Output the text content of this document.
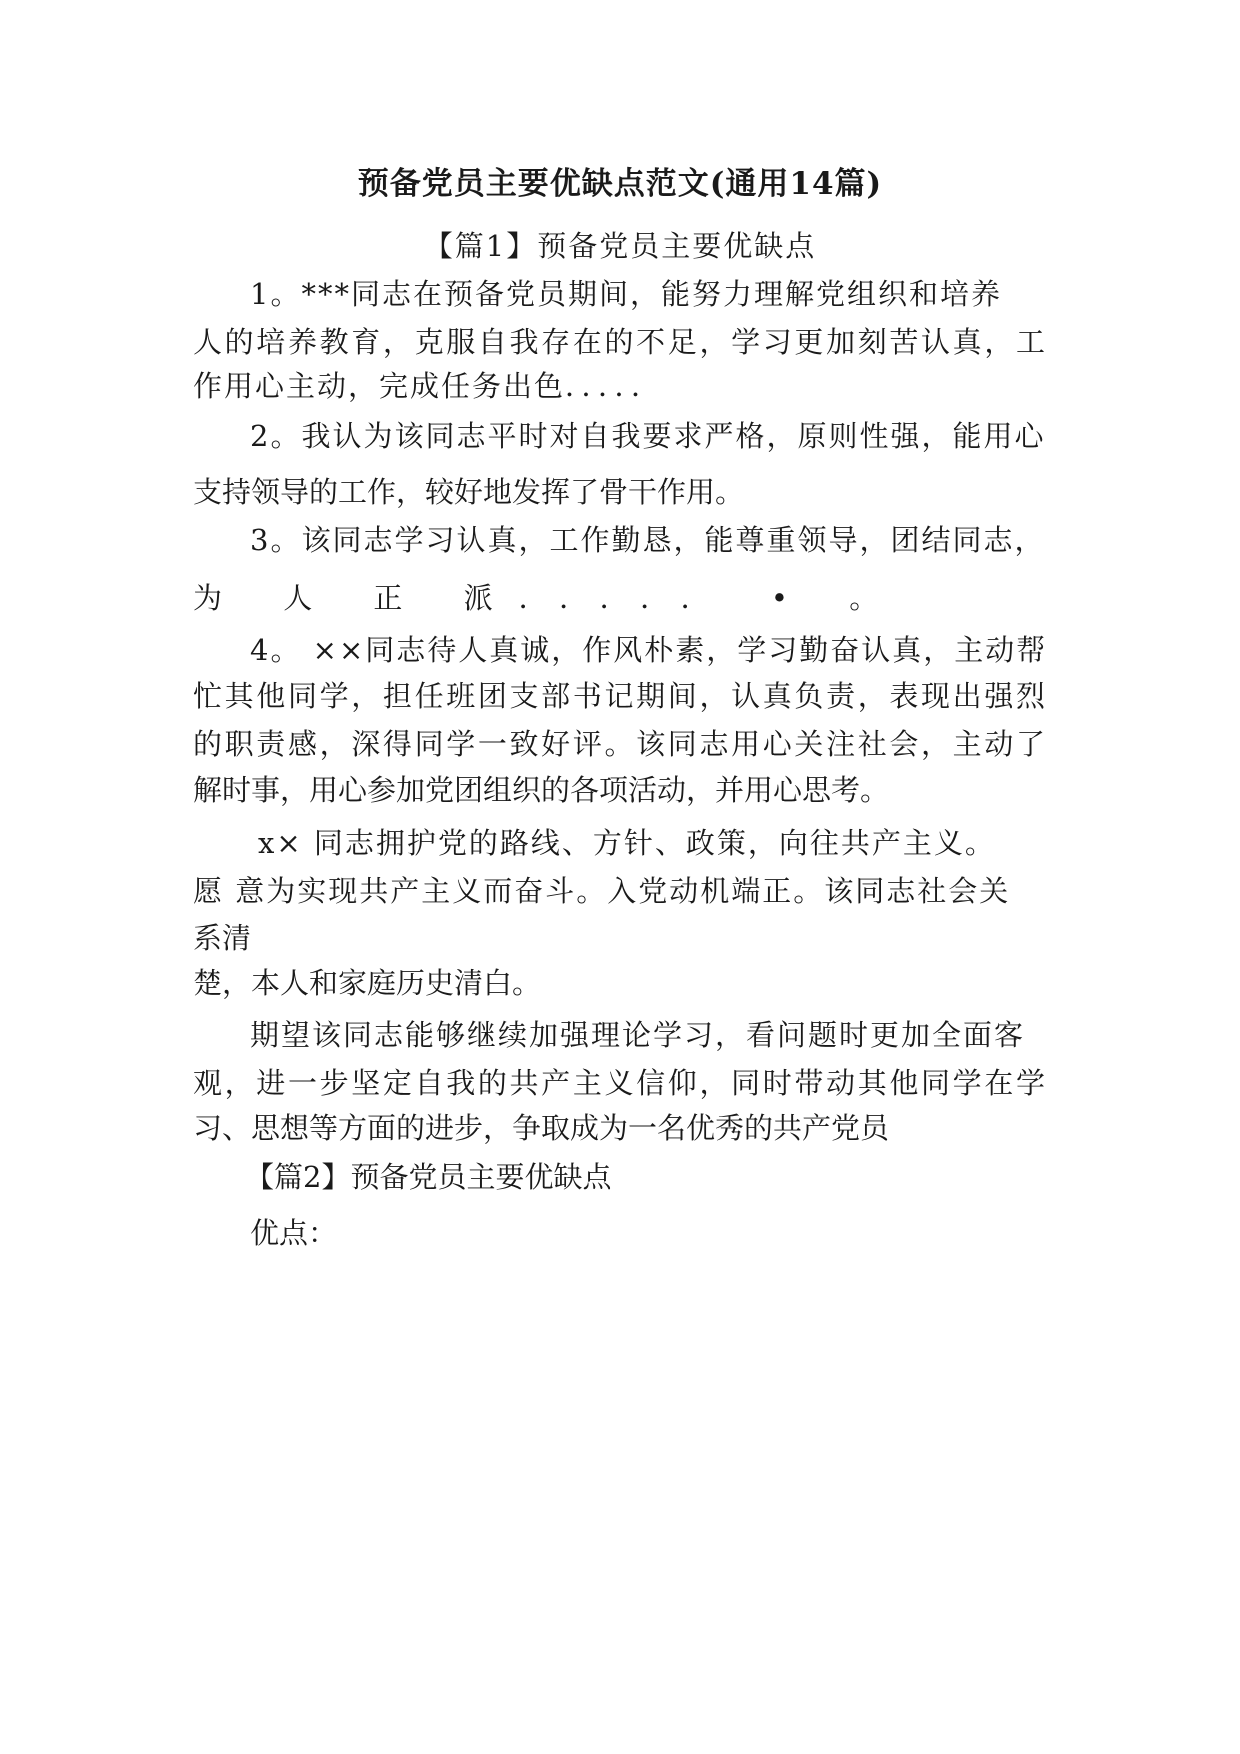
预备党员主要优缺点范文(通用14篇)
【篇1】预备党员主要优缺点
1。***同志在预备党员期间，能努力理解党组织和培养
人的培养教育，克服自我存在的不足，学习更加刻苦认真，工
作用心主动，完成任务出色．．．．．
2。我认为该同志平时对自我要求严格，原则性强，能用心
支持领导的工作，较好地发挥了骨干作用。
3。该同志学习认真，工作勤恳，能尊重领导，团结同志，
为 人 正 派．．．．． • 。
4。 ××同志待人真诚，作风朴素，学习勤奋认真，主动帮
忙其他同学，担任班团支部书记期间，认真负责，表现出强烈
的职责感，深得同学一致好评。该同志用心关注社会，主动了
解时事，用心参加党团组织的各项活动，并用心思考。
x× 同志拥护党的路线、方针、政策，向往共产主义。
愿 意为实现共产主义而奋斗。入党动机端正。该同志社会关
系清
楚，本人和家庭历史清白。
期望该同志能够继续加强理论学习，看问题时更加全面客
观，进一步坚定自我的共产主义信仰，同时带动其他同学在学
习、思想等方面的进步，争取成为一名优秀的共产党员
【篇2】预备党员主要优缺点
优点：
